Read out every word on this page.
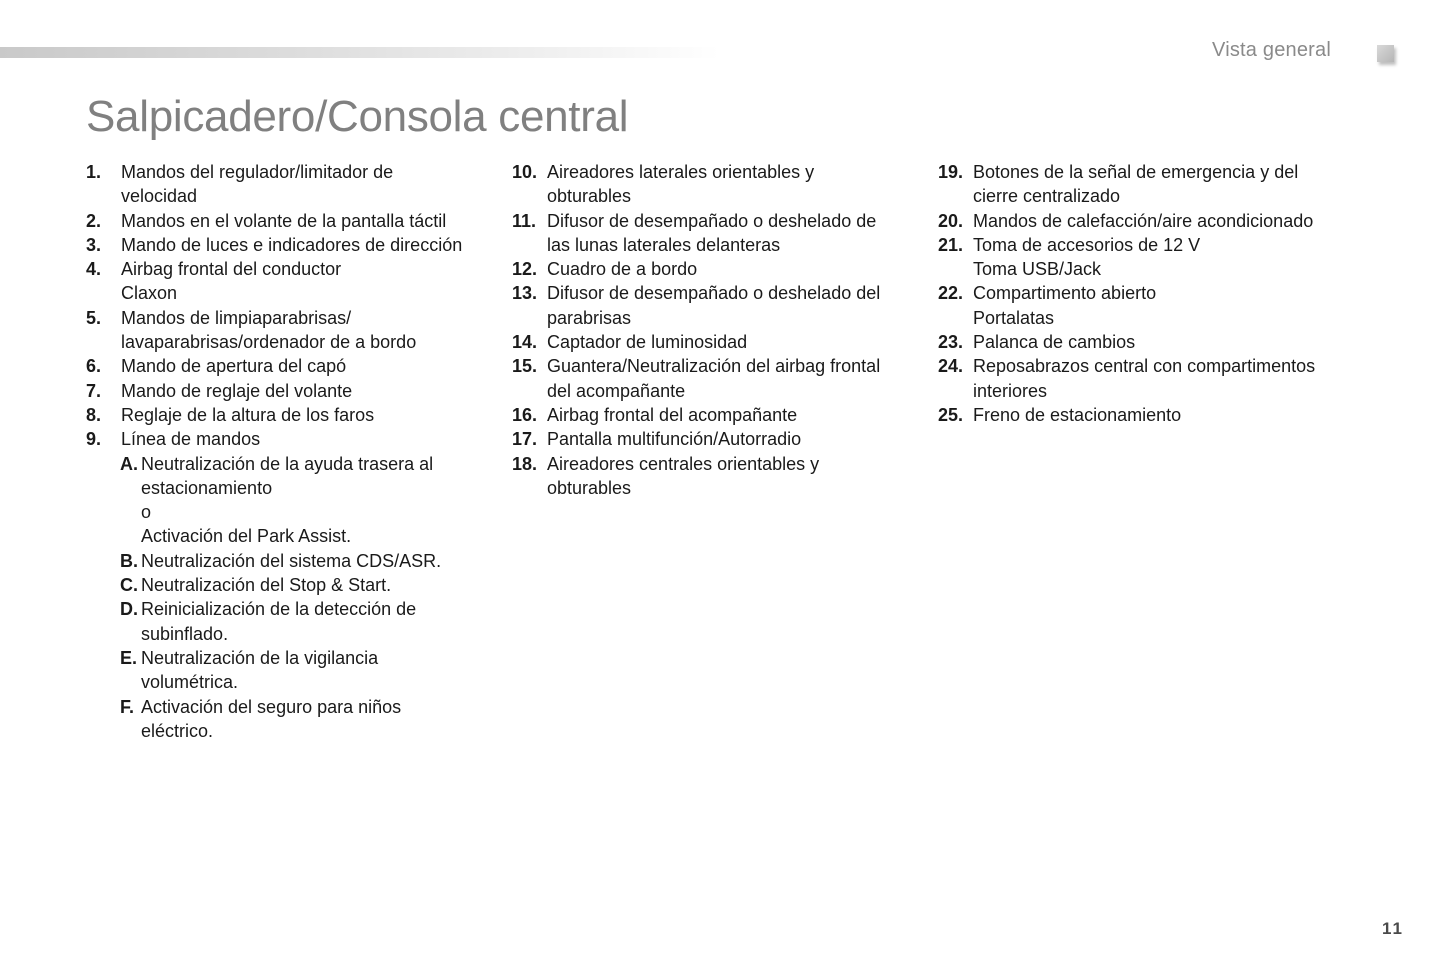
Vista general
Salpicadero/Consola central
1.	Mandos del regulador/limitador de
velocidad
2.	Mandos en el volante de la pantalla táctil
3.	Mando de luces e indicadores de dirección
4.	Airbag frontal del conductor
Claxon
5.	Mandos de limpiaparabrisas/
lavaparabrisas/ordenador de a bordo
6.	Mando de apertura del capó
7.	Mando de reglaje del volante
8.	Reglaje de la altura de los faros
9.	Línea de mandos
A. Neutralización de la ayuda trasera al
estacionamiento
o
Activación del Park Assist.
B. Neutralización del sistema CDS/ASR.
C. Neutralización del Stop & Start.
D. Reinicialización de la detección de
subinflado.
E. Neutralización de la vigilancia
volumétrica.
F. Activación del seguro para niños
eléctrico.
10. Aireadores laterales orientables y
obturables
11. Difusor de desempañado o deshelado de
las lunas laterales delanteras
12. Cuadro de a bordo
13. Difusor de desempañado o deshelado del
parabrisas
14. Captador de luminosidad
15. Guantera/Neutralización del airbag frontal
del acompañante
16. Airbag frontal del acompañante
17. Pantalla multifunción/Autorradio
18. Aireadores centrales orientables y
obturables
19. Botones de la señal de emergencia y del
cierre centralizado
20. Mandos de calefacción/aire acondicionado
21. Toma de accesorios de 12 V
Toma USB/Jack
22. Compartimento abierto
Portalatas
23. Palanca de cambios
24. Reposabrazos central con compartimentos
interiores
25. Freno de estacionamiento
11
